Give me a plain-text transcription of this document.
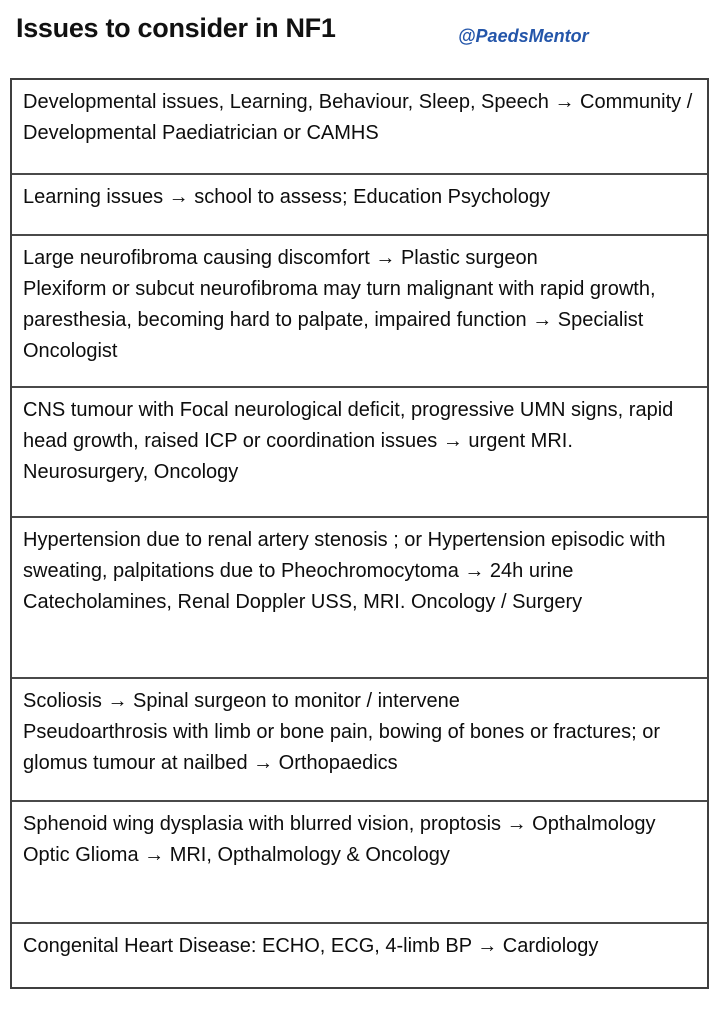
Issues to consider in NF1	@PaedsMentor

Developmental issues, Learning, Behaviour, Sleep, Speech → Community / Developmental Paediatrician or CAMHS

Learning issues → school to assess; Education Psychology

Large neurofibroma causing discomfort → Plastic surgeon

Plexiform or subcut neurofibroma may turn malignant with rapid growth, paresthesia, becoming hard to palpate, impaired function → Specialist Oncologist

CNS tumour with Focal neurological deficit, progressive UMN signs, rapid head growth, raised ICP or coordination issues → urgent MRI. Neurosurgery, Oncology

Hypertension due to renal artery stenosis ; or Hypertension episodic with sweating, palpitations due to Pheochromocytoma → 24h urine Catecholamines, Renal Doppler USS, MRI. Oncology / Surgery

Scoliosis → Spinal surgeon to monitor / intervene

Pseudoarthrosis with limb or bone pain, bowing of bones or fractures; or glomus tumour at nailbed → Orthopaedics

Sphenoid wing dysplasia with blurred vision, proptosis → Opthalmology

Optic Glioma → MRI, Opthalmology & Oncology

Congenital Heart Disease: ECHO, ECG, 4-limb BP → Cardiology
